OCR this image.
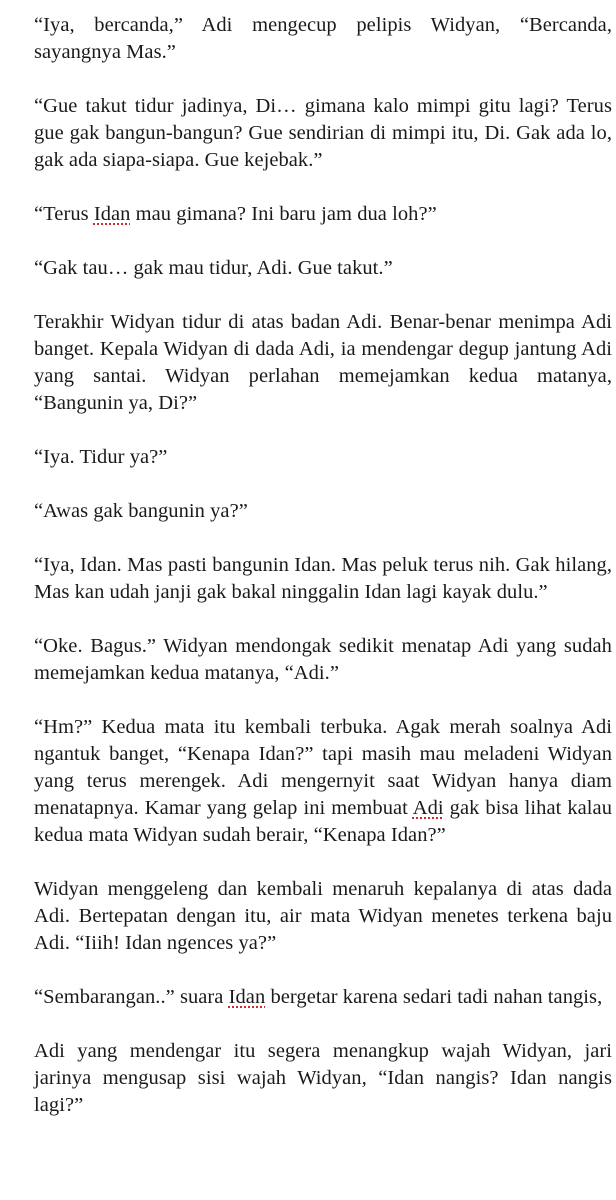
“Iya, bercanda,” Adi mengecup pelipis Widyan, “Bercanda, sayangnya Mas.”

“Gue takut tidur jadinya, Di… gimana kalo mimpi gitu lagi? Terus gue gak bangun-bangun? Gue sendirian di mimpi itu, Di. Gak ada lo, gak ada siapa-siapa. Gue kejebak.”

“Terus Idan mau gimana? Ini baru jam dua loh?”

“Gak tau… gak mau tidur, Adi. Gue takut.”

Terakhir Widyan tidur di atas badan Adi. Benar-benar menimpa Adi banget. Kepala Widyan di dada Adi, ia mendengar degup jantung Adi yang santai. Widyan perlahan memejamkan kedua matanya, “Bangunin ya, Di?”

“Iya. Tidur ya?”

“Awas gak bangunin ya?”

“Iya, Idan. Mas pasti bangunin Idan. Mas peluk terus nih. Gak hilang, Mas kan udah janji gak bakal ninggalin Idan lagi kayak dulu.”

“Oke. Bagus.” Widyan mendongak sedikit menatap Adi yang sudah memejamkan kedua matanya, “Adi.”

“Hm?” Kedua mata itu kembali terbuka. Agak merah soalnya Adi ngantuk banget, “Kenapa Idan?” tapi masih mau meladeni Widyan yang terus merengek. Adi mengernyit saat Widyan hanya diam menatapnya. Kamar yang gelap ini membuat Adi gak bisa lihat kalau kedua mata Widyan sudah berair, “Kenapa Idan?”

Widyan menggeleng dan kembali menaruh kepalanya di atas dada Adi. Bertepatan dengan itu, air mata Widyan menetes terkena baju Adi. “Iiih! Idan ngences ya?”

“Sembarangan..” suara Idan bergetar karena sedari tadi nahan tangis,

Adi yang mendengar itu segera menangkup wajah Widyan, jari jarinya mengusap sisi wajah Widyan, “Idan nangis? Idan nangis lagi?”
